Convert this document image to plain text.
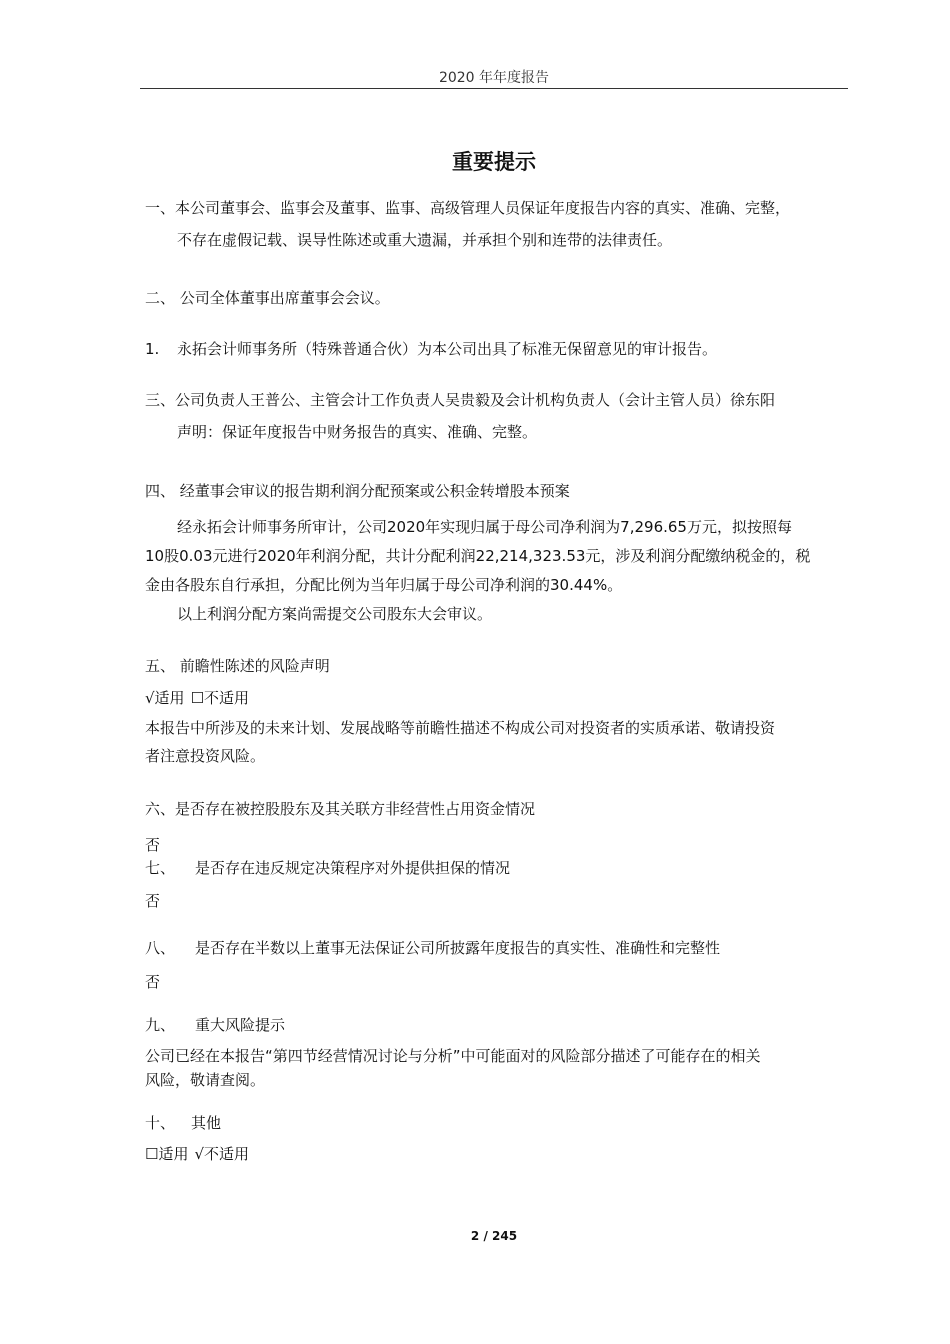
2020 年年度报告
重要提示
一、本公司董事会、监事会及董事、监事、高级管理人员保证年度报告内容的真实、准确、完整，
不存在虚假记载、误导性陈述或重大遗漏，并承担个别和连带的法律责任。
二、 公司全体董事出席董事会会议。
1. 永拓会计师事务所（特殊普通合伙）为本公司出具了标准无保留意见的审计报告。
三、公司负责人王普公、主管会计工作负责人吴贵毅及会计机构负责人（会计主管人员）徐东阳
声明：保证年度报告中财务报告的真实、准确、完整。
四、 经董事会审议的报告期利润分配预案或公积金转增股本预案
经永拓会计师事务所审计，公司2020年实现归属于母公司净利润为7,296.65万元，拟按照每
10股0.03元进行2020年利润分配，共计分配利润22,214,323.53元，涉及利润分配缴纳税金的，税
金由各股东自行承担，分配比例为当年归属于母公司净利润的30.44%。
以上利润分配方案尚需提交公司股东大会审议。
五、 前瞻性陈述的风险声明
√适用 ☐不适用
本报告中所涉及的未来计划、发展战略等前瞻性描述不构成公司对投资者的实质承诺、敬请投资
者注意投资风险。
六、是否存在被控股股东及其关联方非经营性占用资金情况
否
七、 是否存在违反规定决策程序对外提供担保的情况
否
八、 是否存在半数以上董事无法保证公司所披露年度报告的真实性、准确性和完整性
否
九、 重大风险提示
公司已经在本报告“第四节经营情况讨论与分析”中可能面对的风险部分描述了可能存在的相关
风险，敬请查阅。
十、 其他
☐适用 √不适用
2 / 245
